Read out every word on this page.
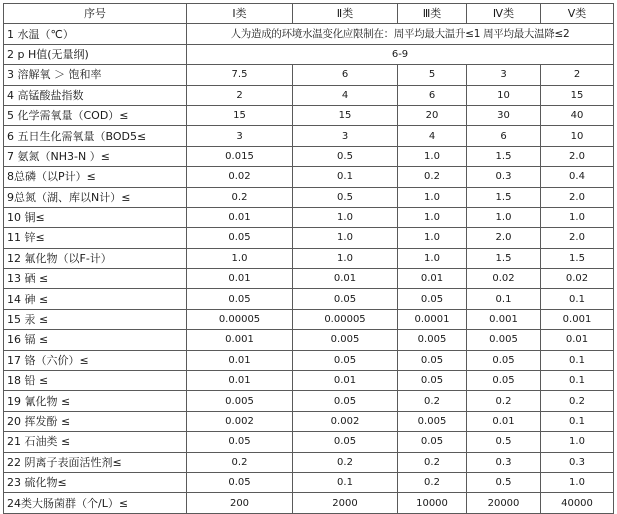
序号	Ⅰ类	Ⅱ类	Ⅲ类	Ⅳ类	Ⅴ类
1 水温（℃）	人为造成的环境水温变化应限制在：周平均最大温升≤1 周平均最大温降≤2				
2 p H值(无量纲)	6-9				
3 溶解氧 ＞ 饱和率	7.5	6	5	3	2
4 高锰酸盐指数	2	4	6	10	15
5 化学需氧量（COD）≤	15	15	20	30	40
6 五日生化需氧量（BOD5≤	3	3	4	6	10
7 氨氮（NH3-N ）≤	0.015	0.5	1.0	1.5	2.0
8总磷（以P计）≤	0.02	0.1	0.2	0.3	0.4
9总氮（湖、库以N计）≤	0.2	0.5	1.0	1.5	2.0
10 铜≤	0.01	1.0	1.0	1.0	1.0
11 锌≤	0.05	1.0	1.0	2.0	2.0
12 氟化物（以F-计）	1.0	1.0	1.0	1.5	1.5
13 硒 ≤	0.01	0.01	0.01	0.02	0.02
14 砷 ≤	0.05	0.05	0.05	0.1	0.1
15 汞 ≤	0.00005	0.00005	0.0001	0.001	0.001
16 镉 ≤	0.001	0.005	0.005	0.005	0.01
17 铬（六价）≤	0.01	0.05	0.05	0.05	0.1
18 铅 ≤	0.01	0.01	0.05	0.05	0.1
19 氰化物 ≤	0.005	0.05	0.2	0.2	0.2
20 挥发酚 ≤	0.002	0.002	0.005	0.01	0.1
21 石油类 ≤	0.05	0.05	0.05	0.5	1.0
22 阴离子表面活性剂≤	0.2	0.2	0.2	0.3	0.3
23 硫化物≤	0.05	0.1	0.2	0.5	1.0
24类大肠菌群（个/L）≤	200	2000	10000	20000	40000
